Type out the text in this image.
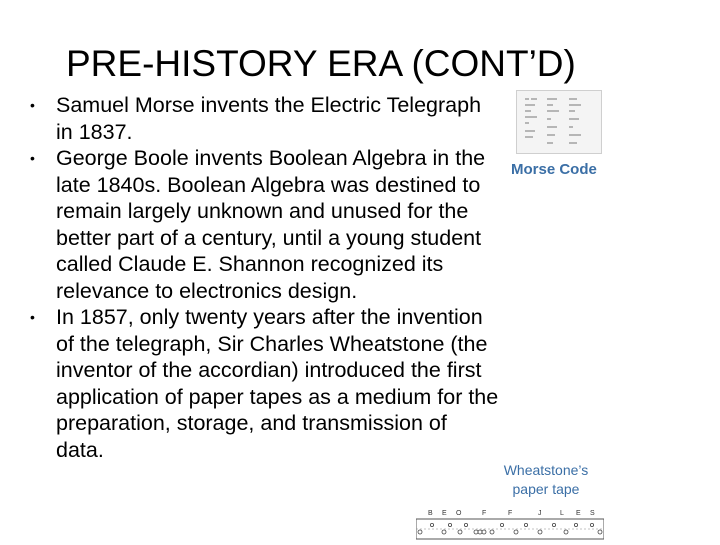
PRE-HISTORY ERA (CONT’D)
• Samuel Morse invents the Electric Telegraph in 1837.
• George Boole invents Boolean Algebra in the late 1840s. Boolean Algebra was destined to remain largely unknown and unused for the better part of a century, until a young student called Claude E. Shannon recognized its relevance to electronics design.
• In 1857, only twenty years after the invention of the telegraph, Sir Charles Wheatstone (the inventor of the accordian) introduced the first application of paper tapes as a medium for the preparation, storage, and transmission of data.
Morse Code
Wheatstone’s
paper tape
B E O	F	F	J	L E S
